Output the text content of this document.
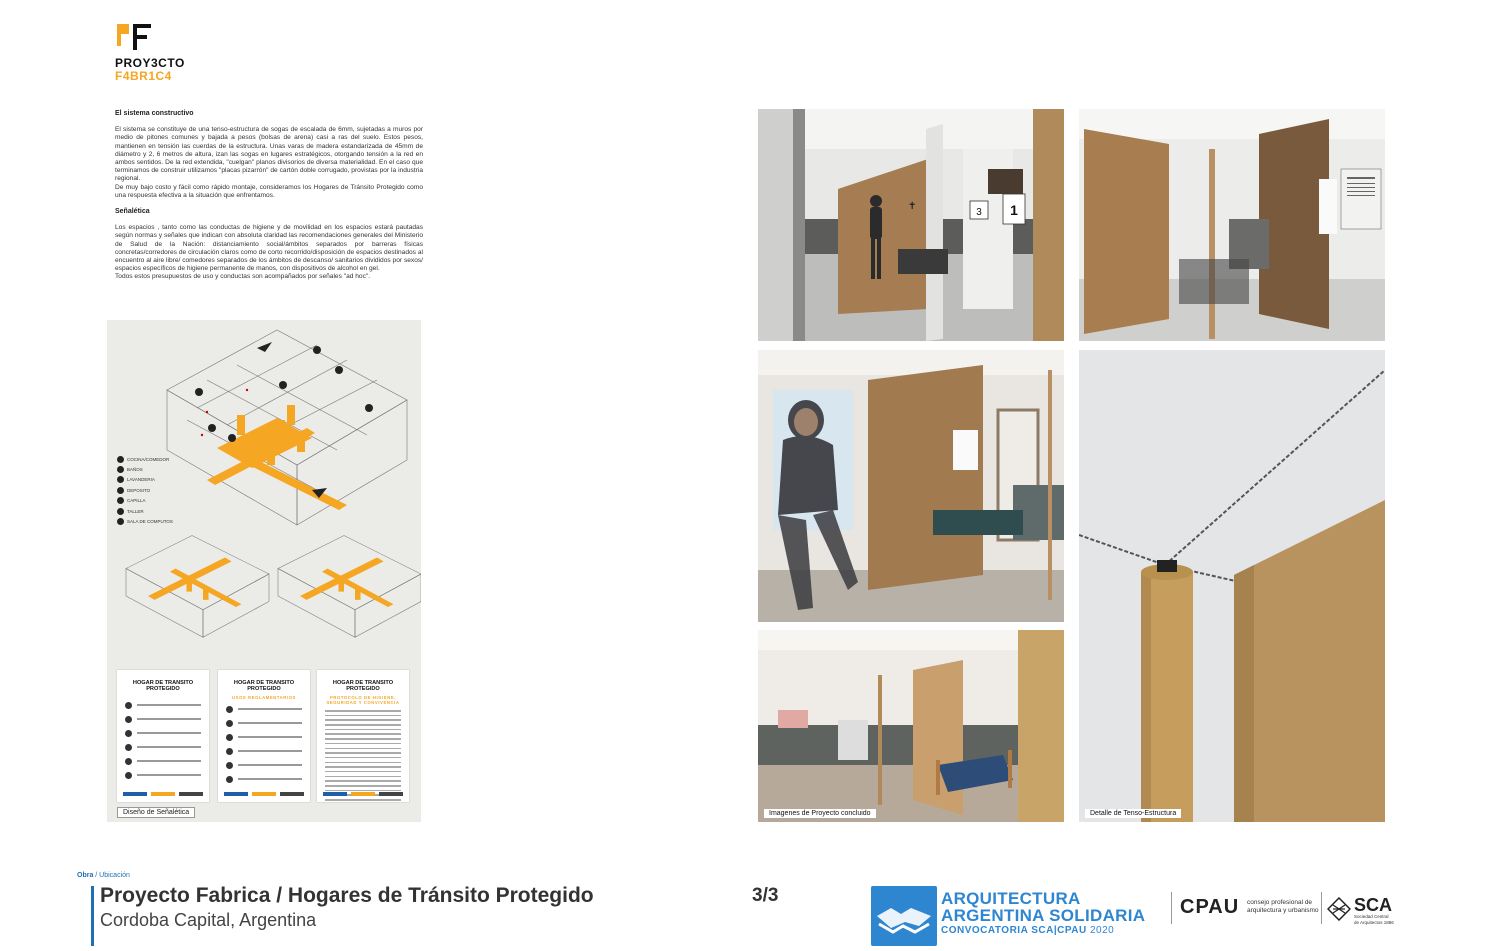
PROY3CTO
F4BR1C4
El sistema constructivo

El sistema se constituye de una tenso-estructura de sogas de escalada de 6mm, sujetadas a muros por medio de pitones comunes y bajada a pesos (bolsas de arena) casi a ras del suelo. Estos pesos, mantienen en tensión las cuerdas de la estructura. Unas varas de madera estandarizada de 45mm de diámetro y 2, 6 metros de altura, izan las sogas en lugares estratégicos, otorgando tensión a la red en ambos sentidos. De la red extendida, "cuelgan" planos divisorios de diversa materialidad. En el caso que terminamos de construir utilizamos "placas pizarrón" de cartón doble corrugado, provistas por la industria regional.
De muy bajo costo y fácil como rápido montaje, consideramos los Hogares de Tránsito Protegido como una respuesta efectiva a la situación que enfrentamos.

Señalética

Los espacios , tanto como las conductas de higiene y de movilidad en los espacios estará pautadas según normas y señales que indican con absoluta claridad las recomendaciones generales del Ministerio de Salud de la Nación: distanciamiento social/ámbitos separados por barreras físicas concretas/corredores de circulación claros como de corto recorrido/disposición de espacios destinados al encuentro al aire libre/ comedores separados de los ámbitos de descanso/ sanitarios divididos por sexos/ espacios específicos de higiene permanente de manos, con dispositivos de alcohol en gel.
Todos estos presupuestos de uso y conductas son acompañados por señales "ad hoc".

COCINA/COMEDOR
BAÑOS
LAVANDERIA
DEPOSITO
CAPILLA
TALLER
SALA DE COMPUTOS
HOGAR DE TRANSITO PROTEGIDO
HOGAR DE TRANSITO PROTEGIDO
USOS REGLAMENTARIOS
HOGAR DE TRANSITO PROTEGIDO
PROTOCOLO DE HIGIENE, SEGURIDAD Y CONVIVENCIA
Diseño de Señalética
1
3
✝
Detalle de Tenso-Estructura
Imagenes de Proyecto concluido
Obra / Ubicación
Proyecto Fabrica / Hogares de Tránsito Protegido
Cordoba Capital, Argentina
3/3	ARQUITECTURA
ARGENTINA SOLIDARIA
CONVOCATORIA SCA|CPAU 2020
CPAU consejo profesional de
arquitectura y urbanismo SCA
Sociedad Central
de Arquitectos 1886
